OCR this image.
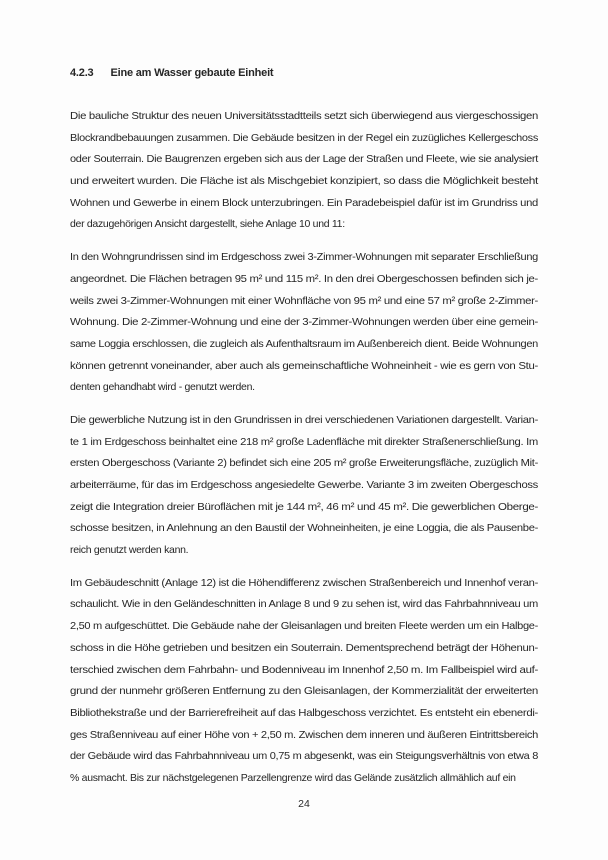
4.2.3 Eine am Wasser gebaute Einheit
Die bauliche Struktur des neuen Universitätsstadtteils setzt sich überwiegend aus viergeschossigen
Blockrandbebauungen zusammen. Die Gebäude besitzen in der Regel ein zuzügliches Kellergeschoss
oder Souterrain. Die Baugrenzen ergeben sich aus der Lage der Straßen und Fleete, wie sie analysiert
und erweitert wurden. Die Fläche ist als Mischgebiet konzipiert, so dass die Möglichkeit besteht
Wohnen und Gewerbe in einem Block unterzubringen. Ein Paradebeispiel dafür ist im Grundriss und
der dazugehörigen Ansicht dargestellt, siehe Anlage 10 und 11:
In den Wohngrundrissen sind im Erdgeschoss zwei 3-Zimmer-Wohnungen mit separater Erschließung
angeordnet. Die Flächen betragen 95 m² und 115 m². In den drei Obergeschossen befinden sich je-
weils zwei 3-Zimmer-Wohnungen mit einer Wohnfläche von 95 m² und eine 57 m² große 2-Zimmer-
Wohnung. Die 2-Zimmer-Wohnung und eine der 3-Zimmer-Wohnungen werden über eine gemein-
same Loggia erschlossen, die zugleich als Aufenthaltsraum im Außenbereich dient. Beide Wohnungen
können getrennt voneinander, aber auch als gemeinschaftliche Wohneinheit - wie es gern von Stu-
denten gehandhabt wird - genutzt werden.
Die gewerbliche Nutzung ist in den Grundrissen in drei verschiedenen Variationen dargestellt. Varian-
te 1 im Erdgeschoss beinhaltet eine 218 m² große Ladenfläche mit direkter Straßenerschließung. Im
ersten Obergeschoss (Variante 2) befindet sich eine 205 m² große Erweiterungsfläche, zuzüglich Mit-
arbeiterräume, für das im Erdgeschoss angesiedelte Gewerbe. Variante 3 im zweiten Obergeschoss
zeigt die Integration dreier Büroflächen mit je 144 m², 46 m² und 45 m². Die gewerblichen Oberge-
schosse besitzen, in Anlehnung an den Baustil der Wohneinheiten, je eine Loggia, die als Pausenbe-
reich genutzt werden kann.
Im Gebäudeschnitt (Anlage 12) ist die Höhendifferenz zwischen Straßenbereich und Innenhof veran-
schaulicht. Wie in den Geländeschnitten in Anlage 8 und 9 zu sehen ist, wird das Fahrbahnniveau um
2,50 m aufgeschüttet. Die Gebäude nahe der Gleisanlagen und breiten Fleete werden um ein Halbge-
schoss in die Höhe getrieben und besitzen ein Souterrain. Dementsprechend beträgt der Höhenun-
terschied zwischen dem Fahrbahn- und Bodenniveau im Innenhof 2,50 m. Im Fallbeispiel wird auf-
grund der nunmehr größeren Entfernung zu den Gleisanlagen, der Kommerzialität der erweiterten
Bibliothekstraße und der Barrierefreiheit auf das Halbgeschoss verzichtet. Es entsteht ein ebenerdi-
ges Straßenniveau auf einer Höhe von + 2,50 m. Zwischen dem inneren und äußeren Eintrittsbereich
der Gebäude wird das Fahrbahnniveau um 0,75 m abgesenkt, was ein Steigungsverhältnis von etwa 8
% ausmacht. Bis zur nächstgelegenen Parzellengrenze wird das Gelände zusätzlich allmählich auf ein
24
